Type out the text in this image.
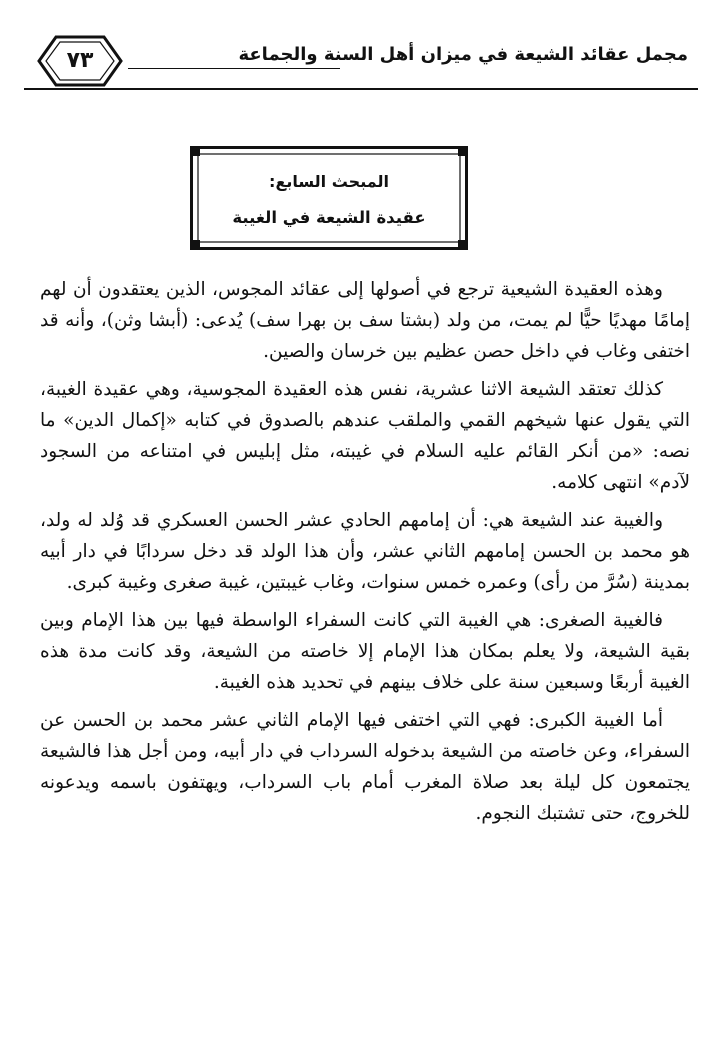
مجمل عقائد الشيعة في ميزان أهل السنة والجماعة
٧٣
المبحث السابع:
عقيدة الشيعة في الغيبة

وهذه العقيدة الشيعية ترجع في أصولها إلى عقائد المجوس، الذين يعتقدون أن لهم إمامًا مهديًا حيًّا لم يمت، من ولد (بشتا سف بن بهرا سف) يُدعى: (أبشا وثن)، وأنه قد اختفى وغاب في داخل حصن عظيم بين خرسان والصين.

كذلك تعتقد الشيعة الاثنا عشرية، نفس هذه العقيدة المجوسية، وهي عقيدة الغيبة، التي يقول عنها شيخهم القمي والملقب عندهم بالصدوق في كتابه «إكمال الدين» ما نصه: «من أنكر القائم عليه السلام في غيبته، مثل إبليس في امتناعه من السجود لآدم» انتهى كلامه.

والغيبة عند الشيعة هي: أن إمامهم الحادي عشر الحسن العسكري قد وُلد له ولد، هو محمد بن الحسن إمامهم الثاني عشر، وأن هذا الولد قد دخل سردابًا في دار أبيه بمدينة (سُرَّ من رأى) وعمره خمس سنوات، وغاب غيبتين، غيبة صغرى وغيبة كبرى.

فالغيبة الصغرى: هي الغيبة التي كانت السفراء الواسطة فيها بين هذا الإمام وبين بقية الشيعة، ولا يعلم بمكان هذا الإمام إلا خاصته من الشيعة، وقد كانت مدة هذه الغيبة أربعًا وسبعين سنة على خلاف بينهم في تحديد هذه الغيبة.

أما الغيبة الكبرى: فهي التي اختفى فيها الإمام الثاني عشر محمد بن الحسن عن السفراء، وعن خاصته من الشيعة بدخوله السرداب في دار أبيه، ومن أجل هذا فالشيعة يجتمعون كل ليلة بعد صلاة المغرب أمام باب السرداب، ويهتفون باسمه ويدعونه للخروج، حتى تشتبك النجوم.
